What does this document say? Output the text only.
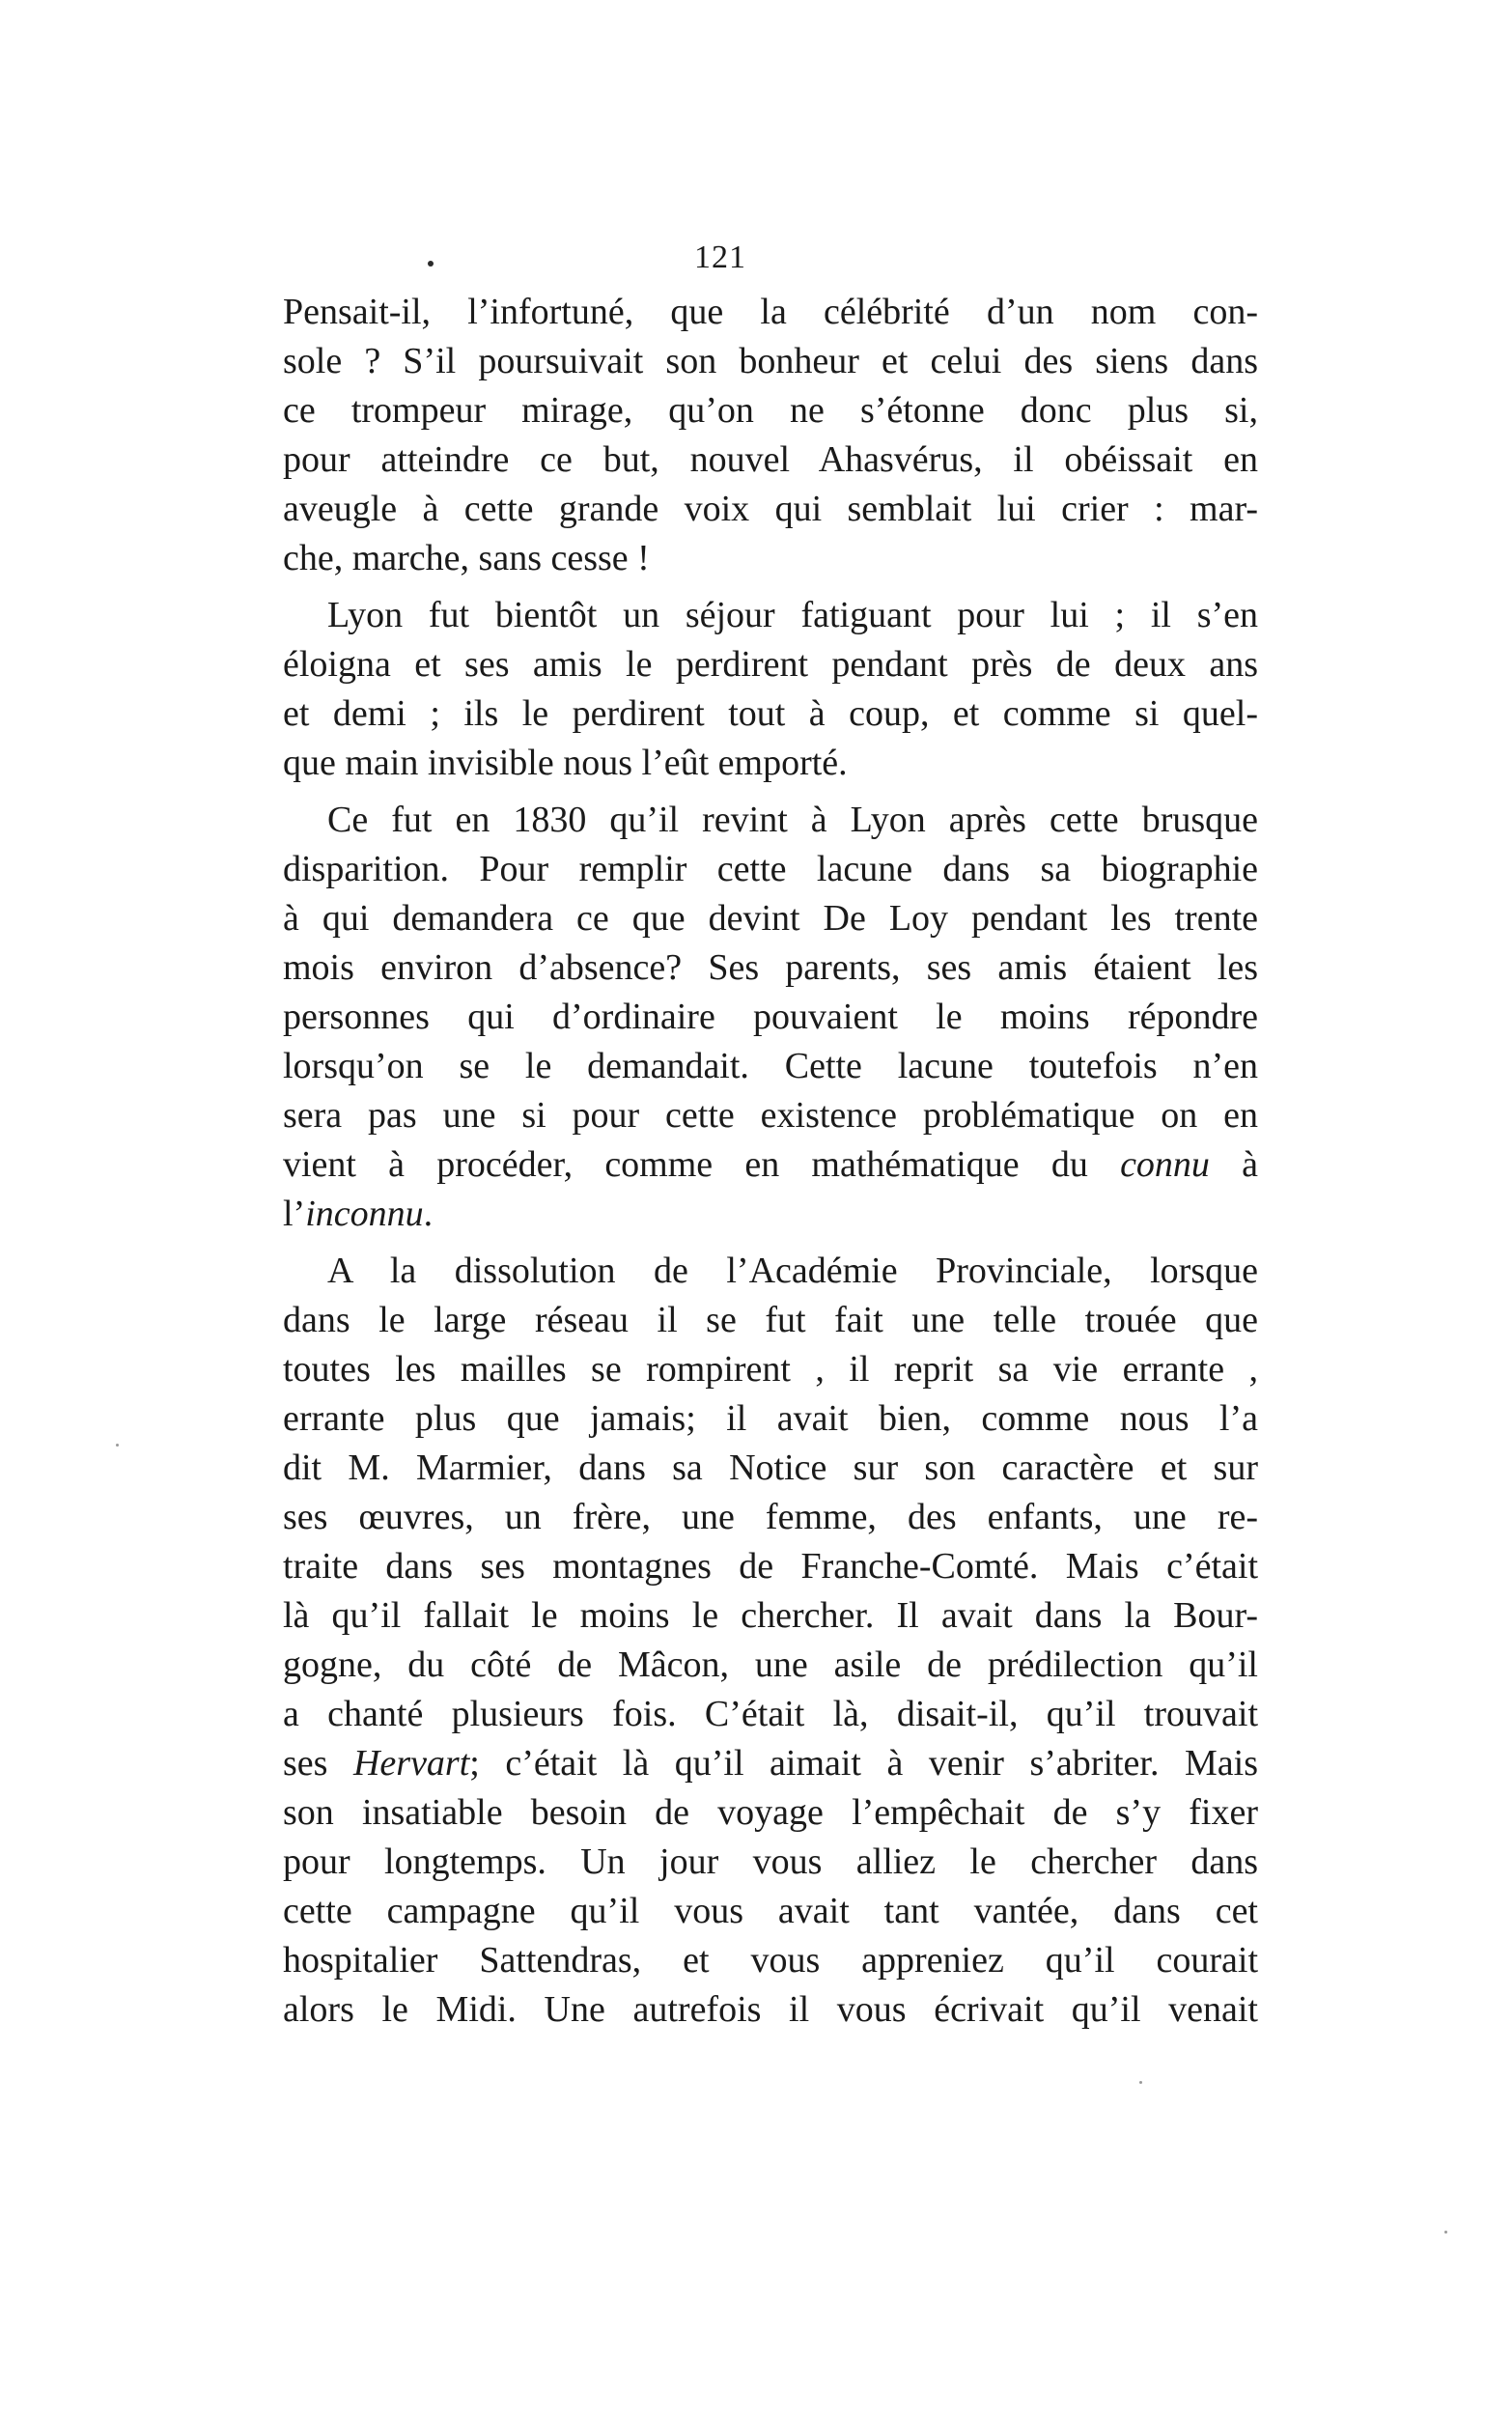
121
Pensait-il, l’infortuné, que la célébrité d’un nom con-
sole ? S’il poursuivait son bonheur et celui des siens dans
ce trompeur mirage, qu’on ne s’étonne donc plus si,
pour atteindre ce but, nouvel Ahasvérus, il obéissait en
aveugle à cette grande voix qui semblait lui crier : mar-
che, marche, sans cesse !
Lyon fut bientôt un séjour fatiguant pour lui ; il s’en
éloigna et ses amis le perdirent pendant près de deux ans
et demi ; ils le perdirent tout à coup, et comme si quel-
que main invisible nous l’eût emporté.
Ce fut en 1830 qu’il revint à Lyon après cette brusque
disparition. Pour remplir cette lacune dans sa biographie
à qui demandera ce que devint De Loy pendant les trente
mois environ d’absence? Ses parents, ses amis étaient les
personnes qui d’ordinaire pouvaient le moins répondre
lorsqu’on se le demandait. Cette lacune toutefois n’en
sera pas une si pour cette existence problématique on en
vient à procéder, comme en mathématique du connu à
l’inconnu.
A la dissolution de l’Académie Provinciale, lorsque
dans le large réseau il se fut fait une telle trouée que
toutes les mailles se rompirent , il reprit sa vie errante ,
errante plus que jamais; il avait bien, comme nous l’a
dit M. Marmier, dans sa Notice sur son caractère et sur
ses œuvres, un frère, une femme, des enfants, une re-
traite dans ses montagnes de Franche-Comté. Mais c’était
là qu’il fallait le moins le chercher. Il avait dans la Bour-
gogne, du côté de Mâcon, une asile de prédilection qu’il
a chanté plusieurs fois. C’était là, disait-il, qu’il trouvait
ses Hervart; c’était là qu’il aimait à venir s’abriter. Mais
son insatiable besoin de voyage l’empêchait de s’y fixer
pour longtemps. Un jour vous alliez le chercher dans
cette campagne qu’il vous avait tant vantée, dans cet
hospitalier Sattendras, et vous appreniez qu’il courait
alors le Midi. Une autrefois il vous écrivait qu’il venait
